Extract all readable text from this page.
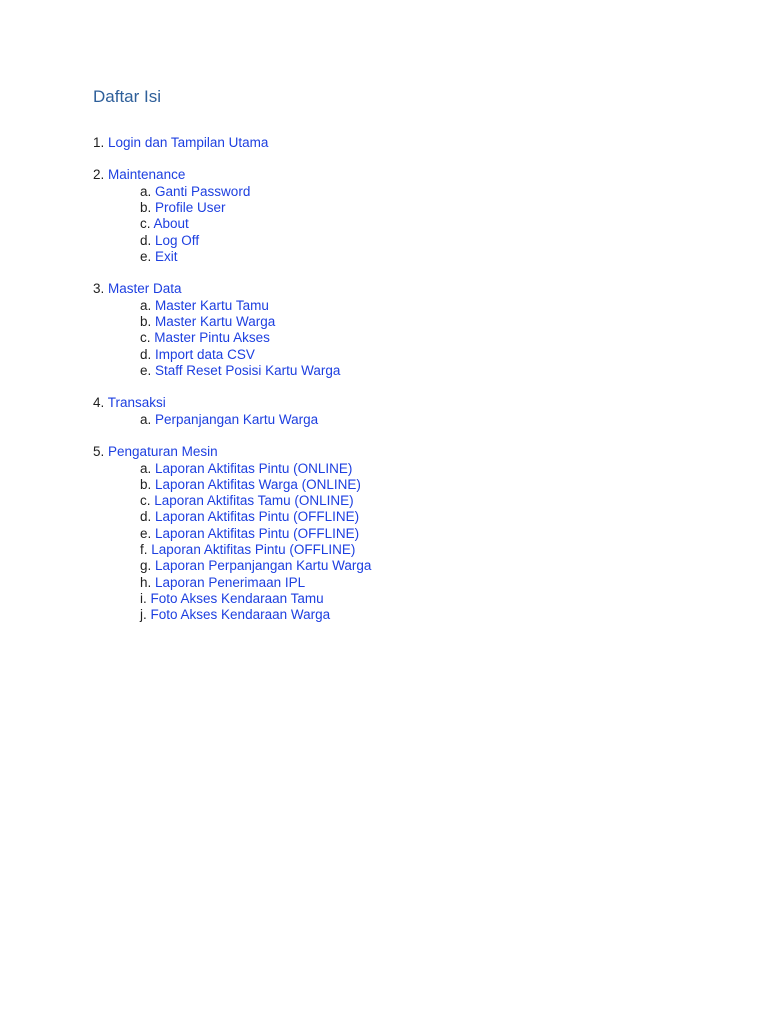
Daftar Isi
1. Login dan Tampilan Utama
2. Maintenance
a. Ganti Password
b. Profile User
c. About
d. Log Off
e. Exit
3. Master Data
a. Master Kartu Tamu
b. Master Kartu Warga
c. Master Pintu Akses
d. Import data CSV
e. Staff Reset Posisi Kartu Warga
4. Transaksi
a. Perpanjangan Kartu Warga
5. Pengaturan Mesin
a. Laporan Aktifitas Pintu (ONLINE)
b. Laporan Aktifitas Warga (ONLINE)
c. Laporan Aktifitas Tamu (ONLINE)
d. Laporan Aktifitas Pintu (OFFLINE)
e. Laporan Aktifitas Pintu (OFFLINE)
f. Laporan Aktifitas Pintu (OFFLINE)
g. Laporan Perpanjangan Kartu Warga
h. Laporan Penerimaan IPL
i. Foto Akses Kendaraan Tamu
j. Foto Akses Kendaraan Warga
